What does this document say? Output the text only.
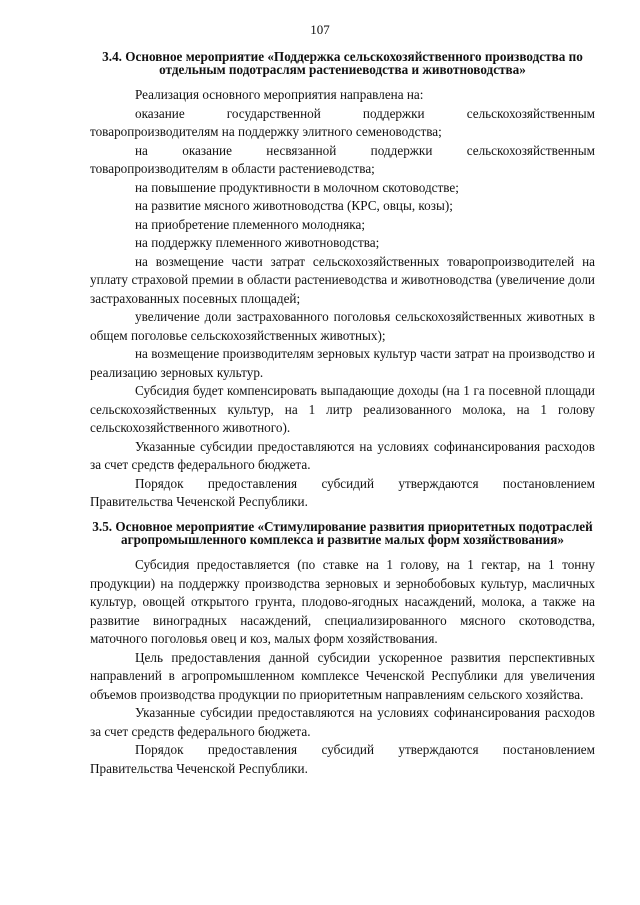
107
3.4. Основное мероприятие «Поддержка сельскохозяйственного производства по отдельным подотраслям растениеводства и животноводства»

Реализация основного мероприятия направлена на:

оказание государственной поддержки сельскохозяйственным товаропроизводителям на поддержку элитного семеноводства;

на оказание несвязанной поддержки сельскохозяйственным товаропроизводителям в области растениеводства;

на повышение продуктивности в молочном скотоводстве;

на развитие мясного животноводства (КРС, овцы, козы);

на приобретение племенного молодняка;

на поддержку племенного животноводства;

на возмещение части затрат сельскохозяйственных товаропроизводителей на уплату страховой премии в области растениеводства и животноводства (увеличение доли застрахованных посевных площадей;

увеличение доли застрахованного поголовья сельскохозяйственных животных в общем поголовье сельскохозяйственных животных);

на возмещение производителям зерновых культур части затрат на производство и реализацию зерновых культур.

Субсидия будет компенсировать выпадающие доходы (на 1 га посевной площади сельскохозяйственных культур, на 1 литр реализованного молока, на 1 голову сельскохозяйственного животного).

Указанные субсидии предоставляются на условиях софинансирования расходов за счет средств федерального бюджета.

Порядок предоставления субсидий утверждаются постановлением Правительства Чеченской Республики.

3.5. Основное мероприятие «Стимулирование развития приоритетных подотраслей агропромышленного комплекса и развитие малых форм хозяйствования»

Субсидия предоставляется (по ставке на 1 голову, на 1 гектар, на 1 тонну продукции) на поддержку производства зерновых и зернобобовых культур, масличных культур, овощей открытого грунта, плодово-ягодных насаждений, молока, а также на развитие виноградных насаждений, специализированного мясного скотоводства, маточного поголовья овец и коз, малых форм хозяйствования.

Цель предоставления данной субсидии ускоренное развития перспективных направлений в агропромышленном комплексе Чеченской Республики для увеличения объемов производства продукции по приоритетным направлениям сельского хозяйства.

Указанные субсидии предоставляются на условиях софинансирования расходов за счет средств федерального бюджета.

Порядок предоставления субсидий утверждаются постановлением Правительства Чеченской Республики.
